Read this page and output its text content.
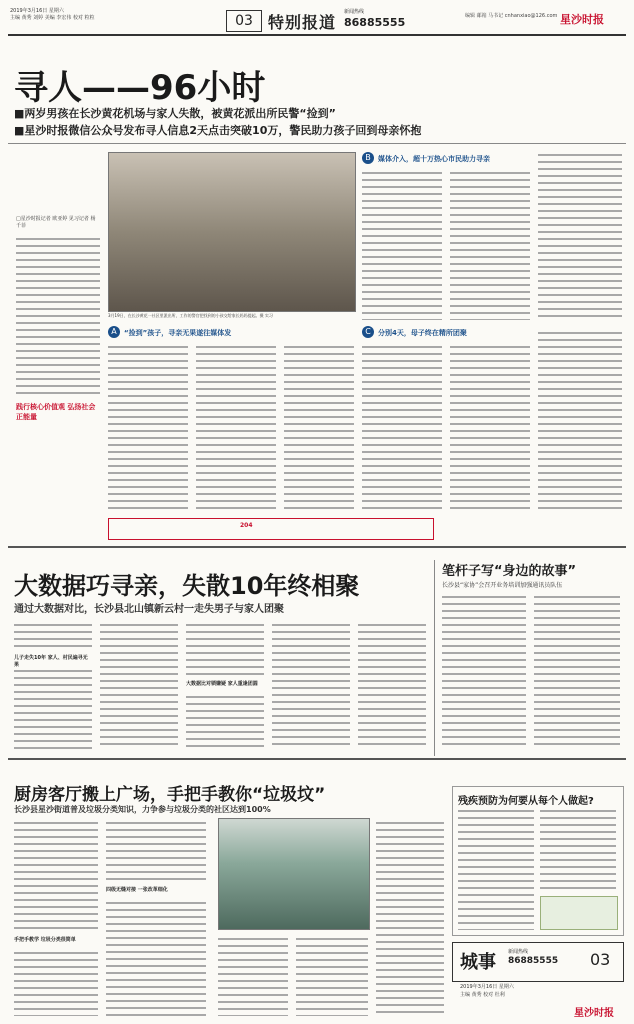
2019年3月16日 星期六
主编 黄秀 刘婷 美编 李宏伟 校对 粒粒	03 特别报道
新闻热线
86885555	编辑 邮箱 马书记 cnhanxiao@126.com 星沙时报
寻人——96小时
■两岁男孩在长沙黄花机场与家人失散，被黄花派出所民警“捡到”
■星沙时报微信公众号发布寻人信息2天点击突破10万，警民助力孩子回到母亲怀抱
□星沙时报记者 欧亚婷 见习记者 杨千菲
践行核心价值观 弘扬社会正能量
3月19日，在长沙黄花一社区里派出所，工作的警官把找到的小孩交给家长妈妈提起。摄 实习
B	媒体介入，超十万热心市民助力寻亲
A	“捡到”孩子，寻亲无果遂往媒体发	C	分别4天，母子终在精所团聚
204
大数据巧寻亲，失散10年终相聚
通过大数据对比，长沙县北山镇新云村一走失男子与家人团聚
儿子走失10年 家人、村民遍寻无果
大数据比对锁嫌疑 家人重逢团圆
笔杆子写“身边的故事”
长沙县“家协”会召开业务培训加强通讯员队伍
厨房客厅搬上广场，手把手教你“垃圾坟”
长沙县星沙街道普及垃圾分类知识，力争参与垃圾分类的社区达到100%
手把手教学 垃圾分类很简单
四级无缝对接 一张改革细化
残疾预防为何要从每个人做起?
城事 新闻热线
86885555 03
2019年3月16日 星期六
主编 黄秀 校对 杜利
星沙时报
